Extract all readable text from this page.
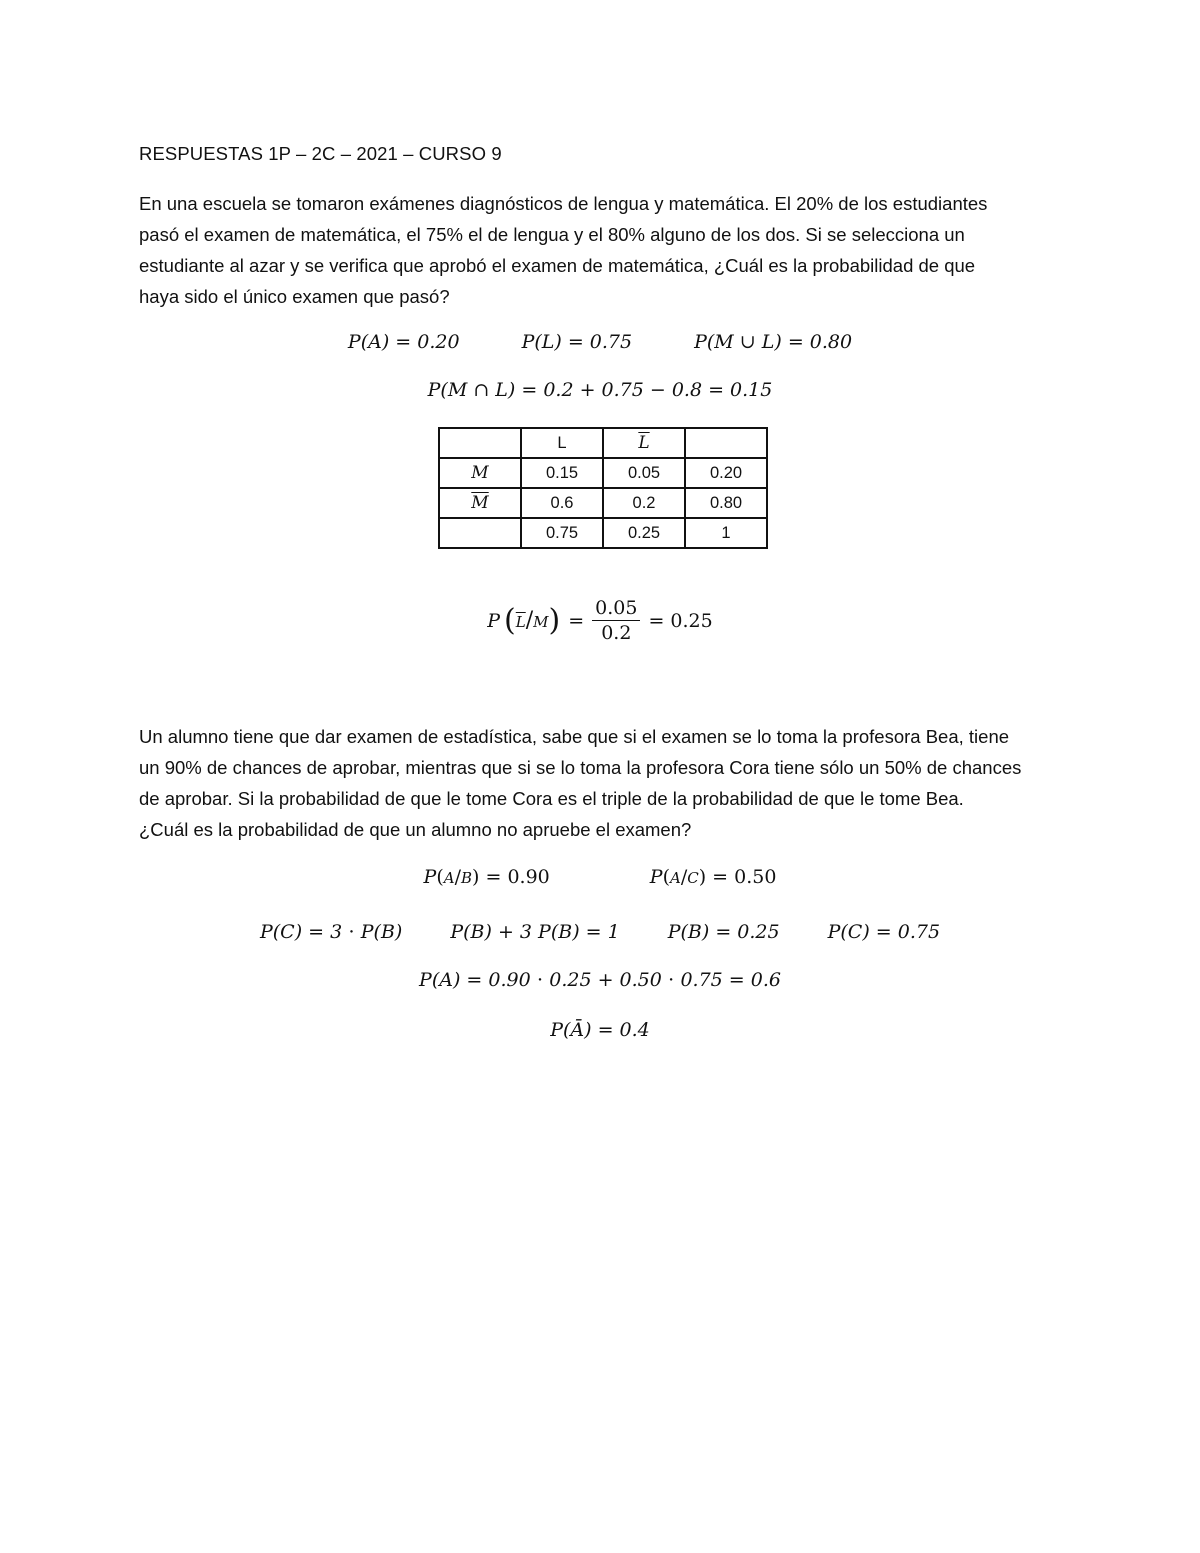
RESPUESTAS 1P – 2C – 2021 – CURSO 9
En una escuela se tomaron exámenes diagnósticos de lengua y matemática. El 20% de los estudiantes
pasó el examen de matemática, el 75% el de lengua y el 80% alguno de los dos. Si se selecciona un
estudiante al azar y se verifica que aprobó el examen de matemática, ¿Cuál es la probabilidad de que
haya sido el único examen que pasó?
P(A) = 0.20	P(L) = 0.75	P(M ∪ L) = 0.80
P(M ∩ L) = 0.2 + 0.75 − 0.8 = 0.15
	L	$\overline{L}$	
M	0.15	0.05	0.20
$\overline{M}$	0.6	0.2	0.80
	0.75	0.25	1
P ( $\overline{L}$ / M ) = $\frac{0.05}{0.2} = 0.25$
Un alumno tiene que dar examen de estadística, sabe que si el examen se lo toma la profesora Bea, tiene
un 90% de chances de aprobar, mientras que si se lo toma la profesora Cora tiene sólo un 50% de chances
de aprobar. Si la probabilidad de que le tome Cora es el triple de la probabilidad de que le tome Bea.
¿Cuál es la probabilidad de que un alumno no apruebe el examen?
P( A / B ) = 0.90	P( A / C ) = 0.50
P(C) = 3 ⋅ P(B)	P(B) + 3 P(B) = 1	P(B) = 0.25	P(C) = 0.75
P(A) = 0.90 ⋅ 0.25 + 0.50 ⋅ 0.75 = 0.6
P(Ā) = 0.4
